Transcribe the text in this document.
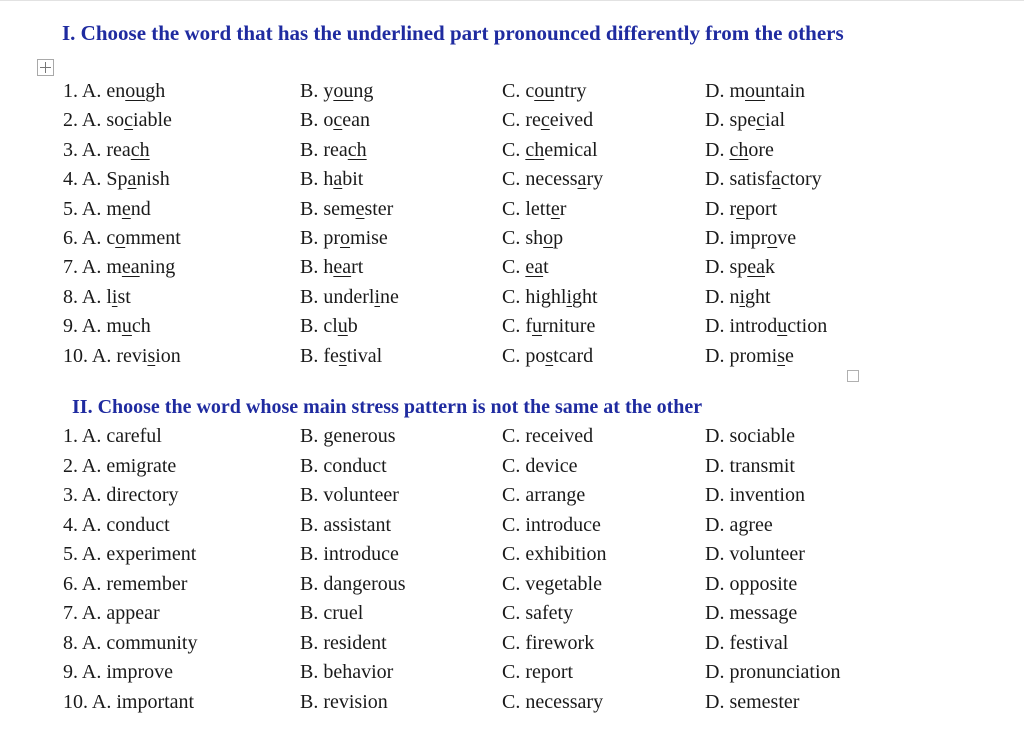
I. Choose the word that has the underlined part pronounced differently from the others
1. A. enough	B. young	C. country	D. mountain
2. A. sociable	B. ocean	C. received	D. special
3. A. reach	B. reach	C. chemical	D. chore
4. A. Spanish	B. habit	C. necessary	D. satisfactory
5. A. mend	B. semester	C. letter	D. report
6. A. comment	B. promise	C. shop	D. improve
7. A. meaning	B. heart	C. eat	D. speak
8. A. list	B. underline	C. highlight	D. night
9. A. much	B. club	C. furniture	D. introduction
10. A. revision	B. festival	C. postcard	D. promise
II. Choose the word whose main stress pattern is not the same at the other
1. A. careful	B. generous	C. received	D. sociable
2. A. emigrate	B. conduct	C. device	D. transmit
3. A. directory	B. volunteer	C. arrange	D. invention
4. A. conduct	B. assistant	C. introduce	D. agree
5. A. experiment	B. introduce	C. exhibition	D. volunteer
6. A. remember	B. dangerous	C. vegetable	D. opposite
7. A. appear	B. cruel	C. safety	D. message
8. A. community	B. resident	C. firework	D. festival
9. A. improve	B. behavior	C. report	D. pronunciation
10. A. important	B. revision	C. necessary	D. semester
